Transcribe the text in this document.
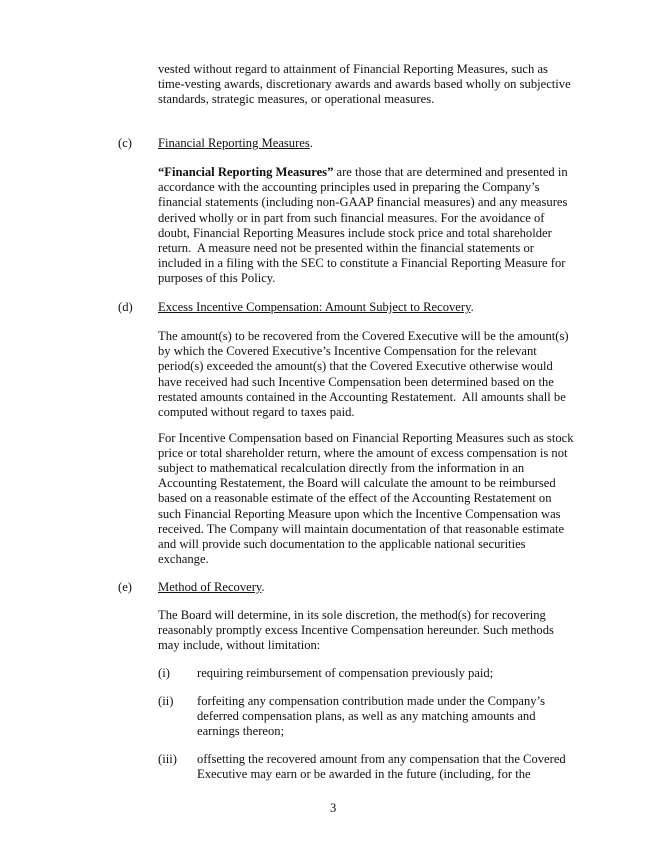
vested without regard to attainment of Financial Reporting Measures, such as
time-vesting awards, discretionary awards and awards based wholly on subjective
standards, strategic measures, or operational measures.
(c) Financial Reporting Measures.
“Financial Reporting Measures” are those that are determined and presented in
accordance with the accounting principles used in preparing the Company’s
financial statements (including non-GAAP financial measures) and any measures
derived wholly or in part from such financial measures. For the avoidance of
doubt, Financial Reporting Measures include stock price and total shareholder
return.  A measure need not be presented within the financial statements or
included in a filing with the SEC to constitute a Financial Reporting Measure for
purposes of this Policy.
(d) Excess Incentive Compensation: Amount Subject to Recovery.
The amount(s) to be recovered from the Covered Executive will be the amount(s)
by which the Covered Executive’s Incentive Compensation for the relevant
period(s) exceeded the amount(s) that the Covered Executive otherwise would
have received had such Incentive Compensation been determined based on the
restated amounts contained in the Accounting Restatement.  All amounts shall be
computed without regard to taxes paid.
For Incentive Compensation based on Financial Reporting Measures such as stock
price or total shareholder return, where the amount of excess compensation is not
subject to mathematical recalculation directly from the information in an
Accounting Restatement, the Board will calculate the amount to be reimbursed
based on a reasonable estimate of the effect of the Accounting Restatement on
such Financial Reporting Measure upon which the Incentive Compensation was
received. The Company will maintain documentation of that reasonable estimate
and will provide such documentation to the applicable national securities
exchange.
(e) Method of Recovery.
The Board will determine, in its sole discretion, the method(s) for recovering
reasonably promptly excess Incentive Compensation hereunder. Such methods
may include, without limitation:
(i) requiring reimbursement of compensation previously paid;
(ii) forfeiting any compensation contribution made under the Company’s
deferred compensation plans, as well as any matching amounts and
earnings thereon;
(iii) offsetting the recovered amount from any compensation that the Covered
Executive may earn or be awarded in the future (including, for the
3
